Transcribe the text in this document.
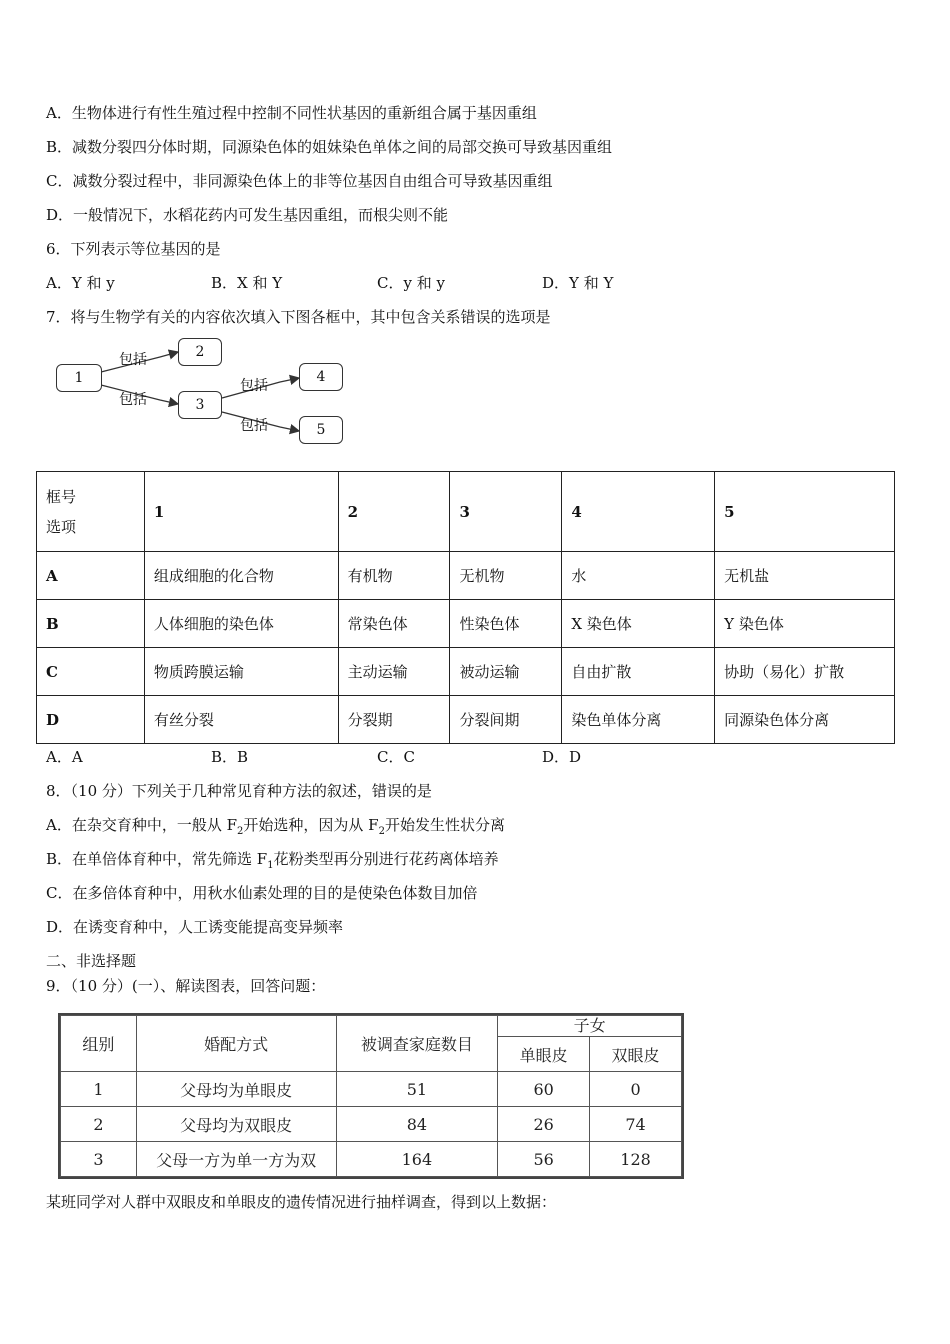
A．生物体进行有性生殖过程中控制不同性状基因的重新组合属于基因重组
B．减数分裂四分体时期，同源染色体的姐妹染色单体之间的局部交换可导致基因重组
C．减数分裂过程中，非同源染色体上的非等位基因自由组合可导致基因重组
D．一般情况下，水稻花药内可发生基因重组，而根尖则不能
6．下列表示等位基因的是
A．Y 和 y	B．X 和 Y	C．y 和 y	D．Y 和 Y
7．将与生物学有关的内容依次填入下图各框中，其中包含关系错误的选项是
1
2
3
4
5
包括
包括
包括
包括
框号
选项	1	2	3	4	5
A	组成细胞的化合物	有机物	无机物	水	无机盐
B	人体细胞的染色体	常染色体	性染色体	X 染色体	Y 染色体
C	物质跨膜运输	主动运输	被动运输	自由扩散	协助（易化）扩散
D	有丝分裂	分裂期	分裂间期	染色单体分离	同源染色体分离
A．A	B．B	C．C	D．D
8．（10 分）下列关于几种常见育种方法的叙述，错误的是
A．在杂交育种中，一般从 $F_2$开始选种，因为从 $F_2$开始发生性状分离
B．在单倍体育种中，常先筛选 $F_1$花粉类型再分别进行花药离体培养
C．在多倍体育种中，用秋水仙素处理的目的是使染色体数目加倍
D．在诱变育种中，人工诱变能提高变异频率
二、非选择题
9．（10 分）(一）、解读图表，回答问题：
组别	婚配方式	被调查家庭数目	子女	
			单眼皮	双眼皮
1	父母均为单眼皮	51	60	0
2	父母均为双眼皮	84	26	74
3	父母一方为单一方为双	164	56	128
某班同学对人群中双眼皮和单眼皮的遗传情况进行抽样调查，得到以上数据：
